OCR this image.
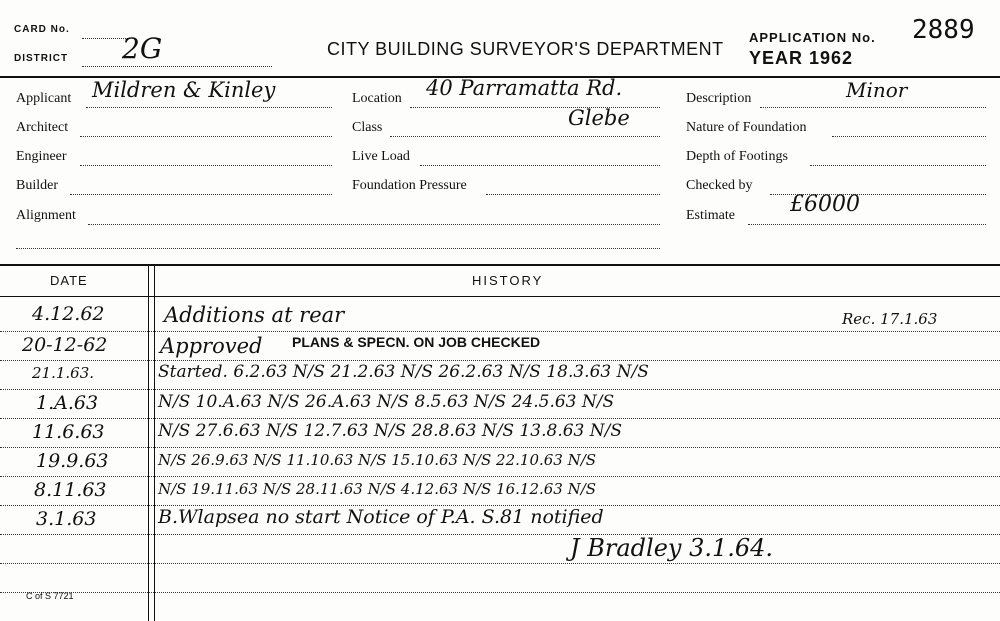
CARD No.
DISTRICT 2G	CITY BUILDING SURVEYOR'S DEPARTMENT
APPLICATION No. 2889
YEAR 1962
Applicant Mildren & Kinley
Architect
Engineer
Builder
Alignment
Location 40 Parramatta Rd.
Class	Glebe
Live Load
Foundation Pressure
Description	Minor
Nature of Foundation
Depth of Footings
Checked by
Estimate	£6000
DATE	HISTORY
4.12.62	Additions at rear	Rec. 17.1.63
20-12-62	Approved PLANS & SPECN. ON JOB CHECKED
21.1.63.	Started. 6.2.63 N/S 21.2.63 N/S 26.2.63 N/S 18.3.63 N/S
1.A.63	N/S 10.A.63 N/S 26.A.63 N/S 8.5.63 N/S 24.5.63 N/S
11.6.63	N/S 27.6.63 N/S 12.7.63 N/S 28.8.63 N/S 13.8.63 N/S
19.9.63	N/S 26.9.63 N/S 11.10.63 N/S 15.10.63 N/S 22.10.63 N/S
8.11.63	N/S 19.11.63 N/S 28.11.63 N/S 4.12.63 N/S 16.12.63 N/S
3.1.63	B.Wlapsea no start Notice of P.A. S.81 notified
J Bradley 3.1.64.
C of S 7721
